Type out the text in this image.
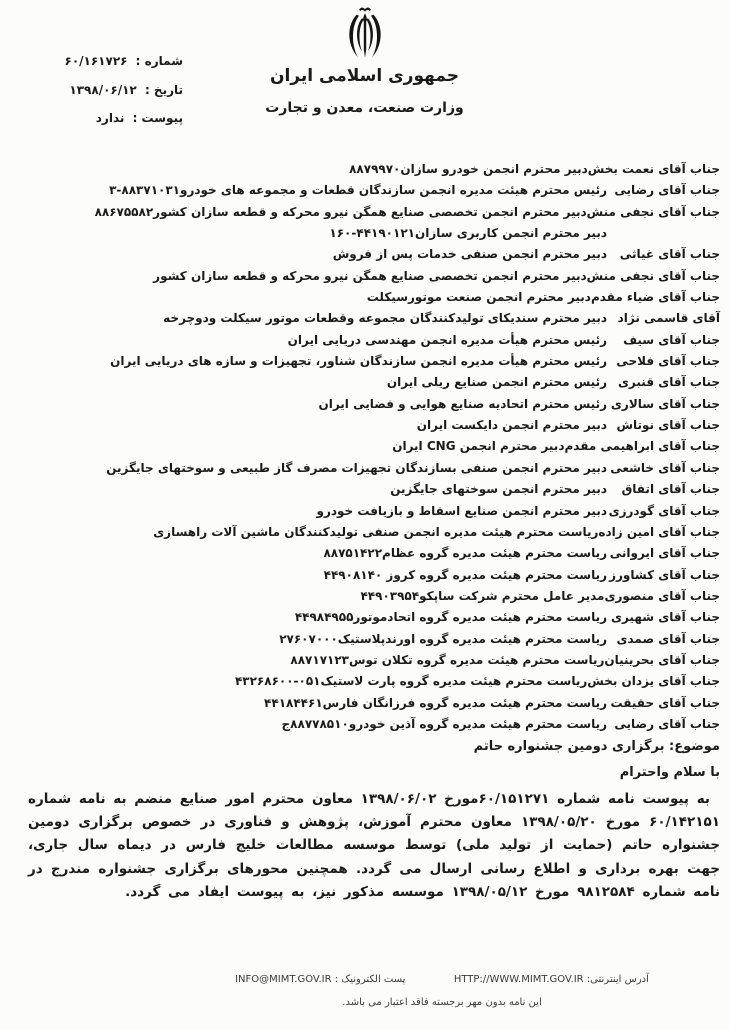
شماره : ۶۰/۱۶۱۷۲۶
تاریخ : ۱۳۹۸/۰۶/۱۲
پیوست : ندارد
جمهوری اسلامی ایران
وزارت صنعت، معدن و تجارت
جناب آقای نعمت بخش
دبیر محترم انجمن خودرو سازان۸۸۷۹۹۷۰
جناب آقای رضایی
رئیس محترم هیئت مدیره انجمن سازندگان قطعات و مجموعه های خودرو۸۸۳۷۱۰۳۱-۳
جناب آقای نجفی منش
دبیر محترم انجمن تخصصی صنایع همگن نیرو محرکه و قطعه سازان کشور۸۸۶۷۵۵۸۲
دبیر محترم انجمن کاربری سازان۴۴۱۹۰۱۲۱-۱۶۰
جناب آقای غیاثی
دبیر محترم انجمن صنفی خدمات پس از فروش
جناب آقای نجفی منش
دبیر محترم انجمن تخصصی صنایع همگن نیرو محرکه و قطعه سازان کشور
جناب آقای ضیاء مقدم
دبیر محترم انجمن صنعت موتورسیکلت
آقای قاسمی نژاد
دبیر محترم سندیکای تولیدکنندگان مجموعه وقطعات موتور سیکلت ودوچرخه
جناب آقای سیف
رئیس محترم هیأت مدیره انجمن مهندسی دریایی ایران
جناب آقای فلاحی
رئیس محترم هیأت مدیره انجمن سازندگان شناور، تجهیزات و سازه های دریایی ایران
جناب آقای قنبری
رئیس محترم انجمن صنایع ریلی ایران
جناب آقای سالاری
رئیس محترم اتحادیه صنایع هوایی و فضایی ایران
جناب آقای نوتاش
دبیر محترم انجمن دایکست ایران
جناب آقای ابراهیمی مقدم
دبیر محترم انجمن CNG ایران
جناب آقای خاشعی
دبیر محترم انجمن صنفی بسازندگان تجهیزات مصرف گاز طبیعی و سوختهای جایگزین
جناب آقای اتفاق
دبیر محترم انجمن سوختهای جایگزین
جناب آقای گودرزی
دبیر محترم انجمن صنایع اسقاط و بازیافت خودرو
جناب آقای امین زاده
ریاست محترم هیئت مدیره انجمن صنفی تولیدکنندگان ماشین آلات راهسازی
جناب آقای ایروانی
ریاست محترم هیئت مدیره گروه عظام۸۸۷۵۱۴۲۲
جناب آقای کشاورز
ریاست محترم هیئت مدیره گروه کروز ۴۴۹۰۸۱۴۰
جناب آقای منصوری
مدیر عامل محترم شرکت ساپکو۴۴۹۰۳۹۵۴
جناب آقای شهیری
ریاست محترم هیئت مدیره گروه اتحادموتور۴۴۹۸۴۹۵۵
جناب آقای صمدی
ریاست محترم هیئت مدیره گروه اورندپلاستیک۲۷۶۰۷۰۰۰
جناب آقای بحرینیان
ریاست محترم هیئت مدیره گروه تکلان توس۸۸۷۱۷۱۲۳
جناب آقای یزدان بخش
ریاست محترم هیئت مدیره گروه پارت لاستیک۰۵۱-۴۳۲۶۸۶۰۰
جناب آقای حقیقت
ریاست محترم هیئت مدیره گروه فرزانگان فارس۴۴۱۸۴۴۶۱
جناب آقای رضایی
ریاست محترم هیئت مدیره گروه آذین خودرو۸۸۷۷۸۵۱۰ج
موضوع: برگزاری دومین جشنواره حاتم
با سلام واحترام
به پیوست نامه شماره ۶۰/۱۵۱۲۷۱مورخ ۱۳۹۸/۰۶/۰۲ معاون محترم امور صنایع منضم به نامه شماره ۶۰/۱۴۲۱۵۱ مورخ ۱۳۹۸/۰۵/۲۰ معاون محترم آموزش، پژوهش و فناوری در خصوص برگزاری دومین جشنواره حاتم (حمایت از تولید ملی) توسط موسسه مطالعات خلیج فارس در دیماه سال جاری، جهت بهره برداری و اطلاع رسانی ارسال می گردد. همچنین محورهای برگزاری جشنواره مندرج در نامه شماره ۹۸۱۲۵۸۴ مورخ ۱۳۹۸/۰۵/۱۲ موسسه مذکور نیز، به پیوست ایفاد می گردد.
آدرس اینترنتی: HTTP://WWW.MIMT.GOV.IR  پست الکترونیک : INFO@MIMT.GOV.IR
این نامه بدون مهر برجسته فاقد اعتبار می باشد.
